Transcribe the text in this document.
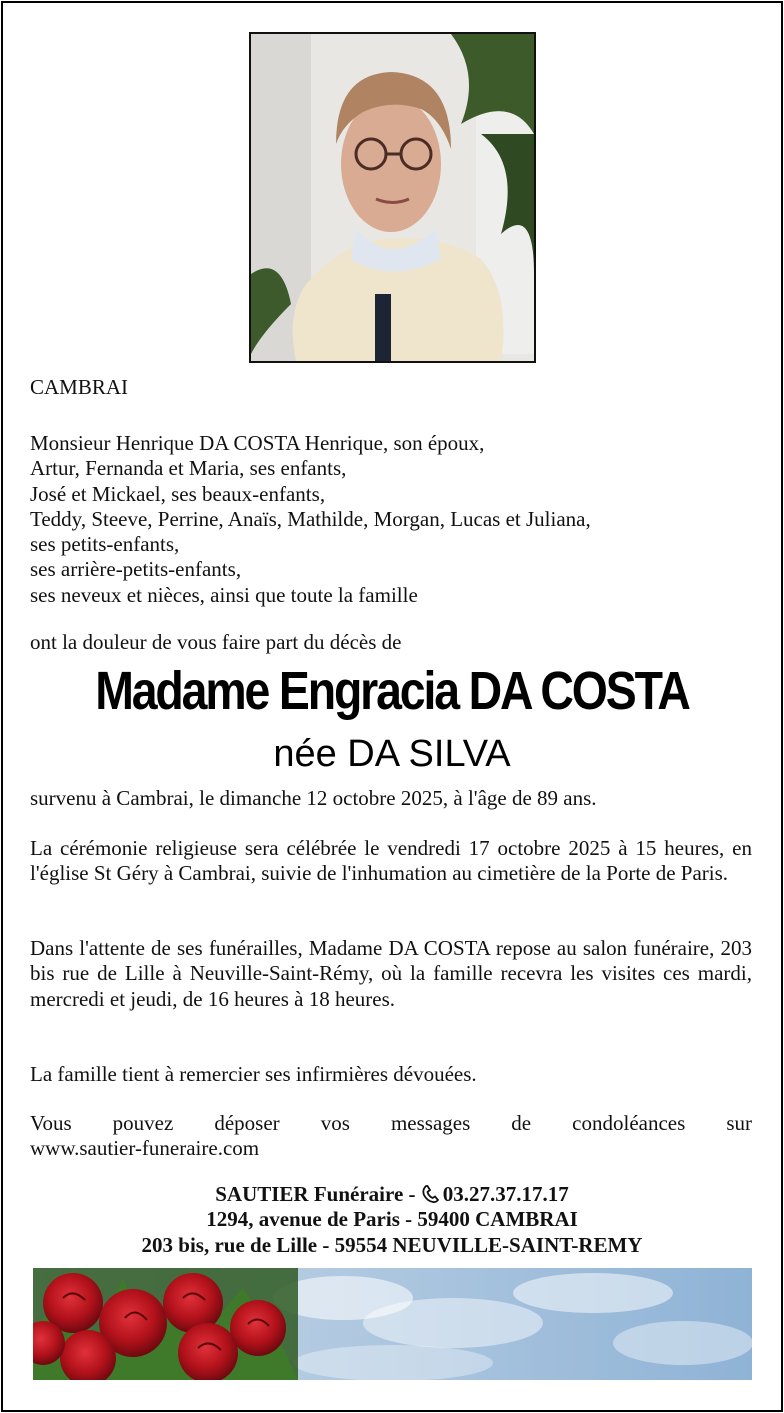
CAMBRAI
Monsieur Henrique DA COSTA Henrique, son époux,
Artur, Fernanda et Maria, ses enfants,
José et Mickael, ses beaux-enfants,
Teddy, Steeve, Perrine, Anaïs, Mathilde, Morgan, Lucas et Juliana,
ses petits-enfants,
ses arrière-petits-enfants,
ses neveux et nièces, ainsi que toute la famille
ont la douleur de vous faire part du décès de
Madame Engracia DA COSTA
née DA SILVA
survenu à Cambrai, le dimanche 12 octobre 2025, à l'âge de 89 ans.
La cérémonie religieuse sera célébrée le vendredi 17 octobre 2025 à 15 heures, en l'église St Géry à Cambrai, suivie de l'inhumation au cimetière de la Porte de Paris.
Dans l'attente de ses funérailles, Madame DA COSTA repose au salon funéraire, 203 bis rue de Lille à Neuville-Saint-Rémy, où la famille recevra les visites ces mardi, mercredi et jeudi, de 16 heures à 18 heures.
La famille tient à remercier ses infirmières dévouées.
Vous pouvez déposer vos messages de condoléances sur
www.sautier-funeraire.com
SAUTIER Funéraire - 03.27.37.17.17
1294, avenue de Paris - 59400 CAMBRAI
203 bis, rue de Lille - 59554 NEUVILLE-SAINT-REMY
